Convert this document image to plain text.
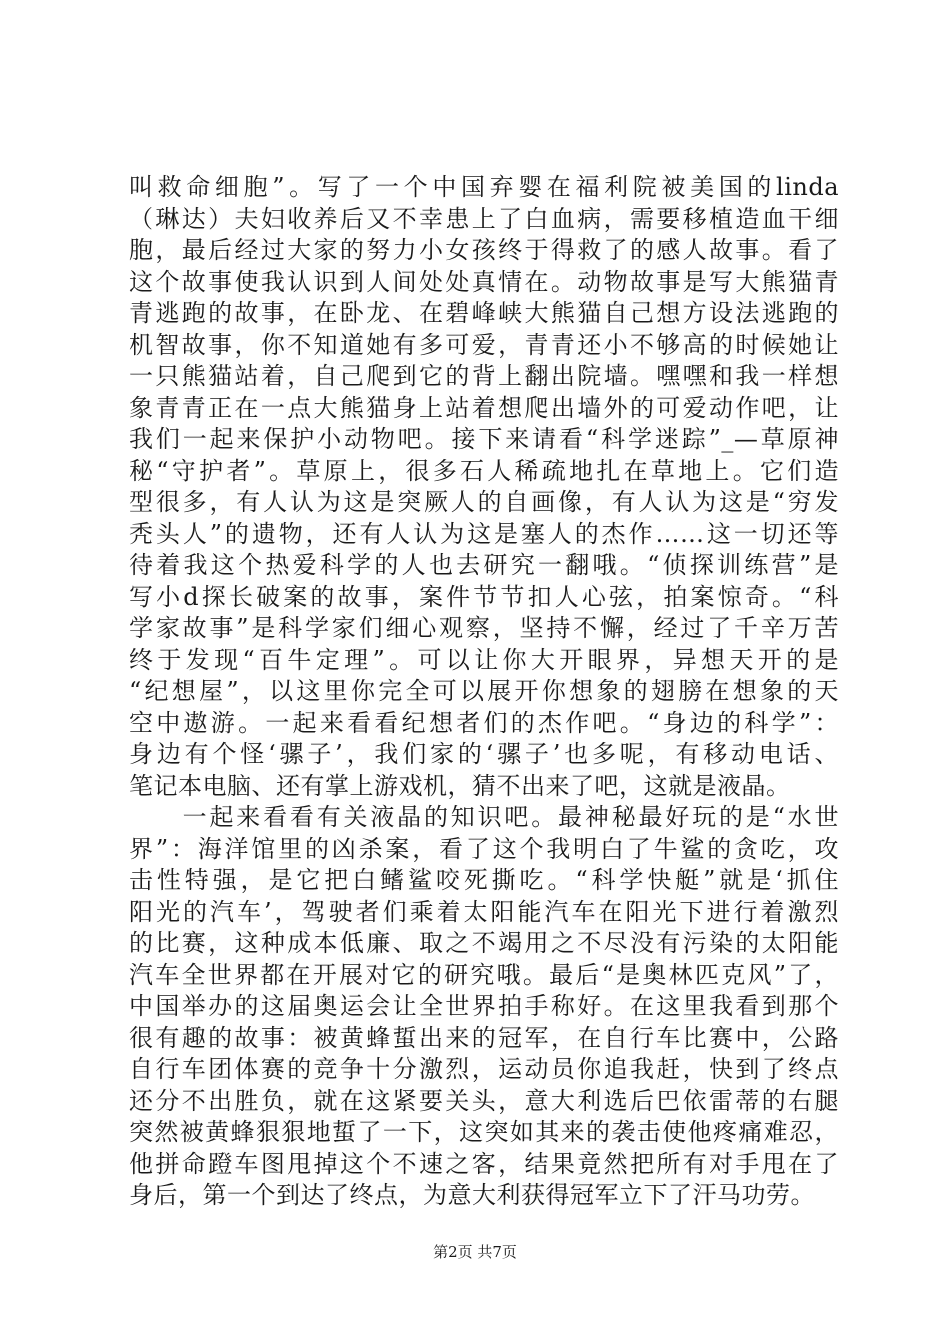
叫救命细胞”。写了一个中国弃婴在福利院被美国的linda
（琳达）夫妇收养后又不幸患上了白血病，需要移植造血干细
胞，最后经过大家的努力小女孩终于得救了的感人故事。看了
这个故事使我认识到人间处处真情在。动物故事是写大熊猫青
青逃跑的故事，在卧龙、在碧峰峡大熊猫自己想方设法逃跑的
机智故事，你不知道她有多可爱，青青还小不够高的时候她让
一只熊猫站着，自己爬到它的背上翻出院墙。嘿嘿和我一样想
象青青正在一点大熊猫身上站着想爬出墙外的可爱动作吧，让
我们一起来保护小动物吧。接下来请看“科学迷踪”_—草原神
秘“守护者”。草原上，很多石人稀疏地扎在草地上。它们造
型很多，有人认为这是突厥人的自画像，有人认为这是“穷发
秃头人”的遗物，还有人认为这是塞人的杰作……这一切还等
待着我这个热爱科学的人也去研究一翻哦。“侦探训练营”是
写小d探长破案的故事，案件节节扣人心弦，拍案惊奇。“科
学家故事”是科学家们细心观察，坚持不懈，经过了千辛万苦
终于发现“百牛定理”。可以让你大开眼界，异想天开的是
“纪想屋”，以这里你完全可以展开你想象的翅膀在想象的天
空中遨游。一起来看看纪想者们的杰作吧。“身边的科学”：
身边有个怪‘骡子’，我们家的‘骡子’也多呢，有移动电话、
笔记本电脑、还有掌上游戏机，猜不出来了吧，这就是液晶。
　　一起来看看有关液晶的知识吧。最神秘最好玩的是“水世
界”：海洋馆里的凶杀案，看了这个我明白了牛鲨的贪吃，攻
击性特强，是它把白鳍鲨咬死撕吃。“科学快艇”就是‘抓住
阳光的汽车’，驾驶者们乘着太阳能汽车在阳光下进行着激烈
的比赛，这种成本低廉、取之不竭用之不尽没有污染的太阳能
汽车全世界都在开展对它的研究哦。最后“是奥林匹克风”了，
中国举办的这届奥运会让全世界拍手称好。在这里我看到那个
很有趣的故事：被黄蜂蜇出来的冠军，在自行车比赛中，公路
自行车团体赛的竞争十分激烈，运动员你追我赶，快到了终点
还分不出胜负，就在这紧要关头，意大利选后巴依雷蒂的右腿
突然被黄蜂狠狠地蜇了一下，这突如其来的袭击使他疼痛难忍，
他拼命蹬车图甩掉这个不速之客，结果竟然把所有对手甩在了
身后，第一个到达了终点，为意大利获得冠军立下了汗马功劳。
第2页 共7页
